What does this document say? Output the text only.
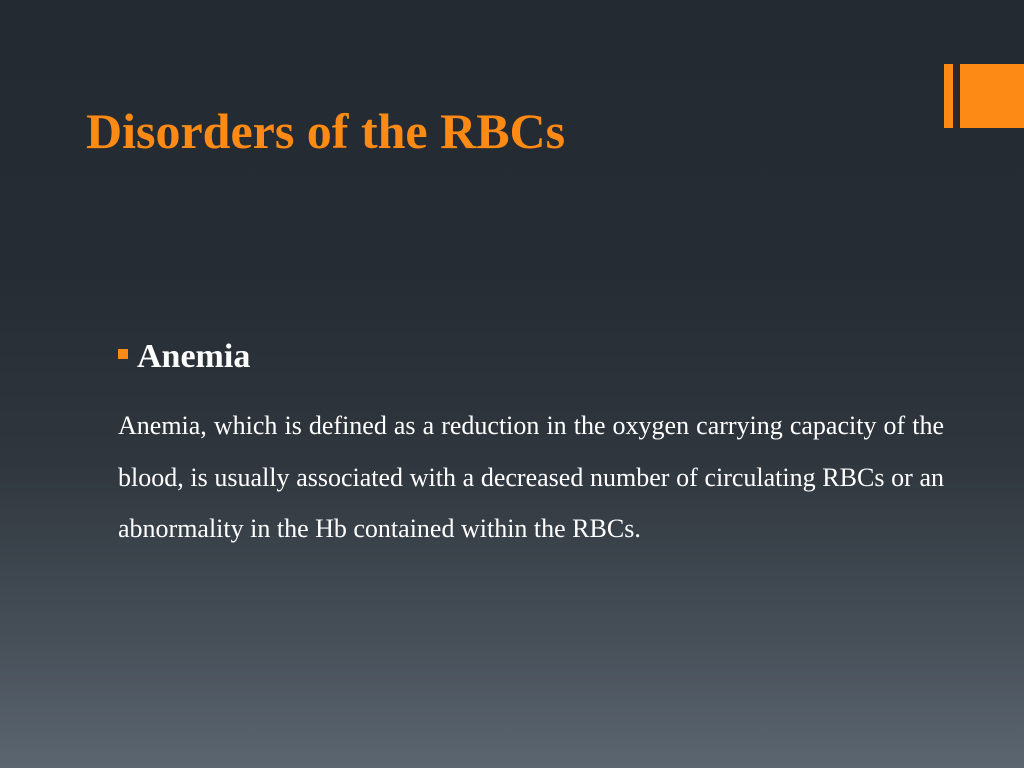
Disorders of the RBCs
Anemia

Anemia, which is defined as a reduction in the oxygen carrying capacity of the blood, is usually associated with a decreased number of circulating RBCs or an abnormality in the Hb contained within the RBCs.
